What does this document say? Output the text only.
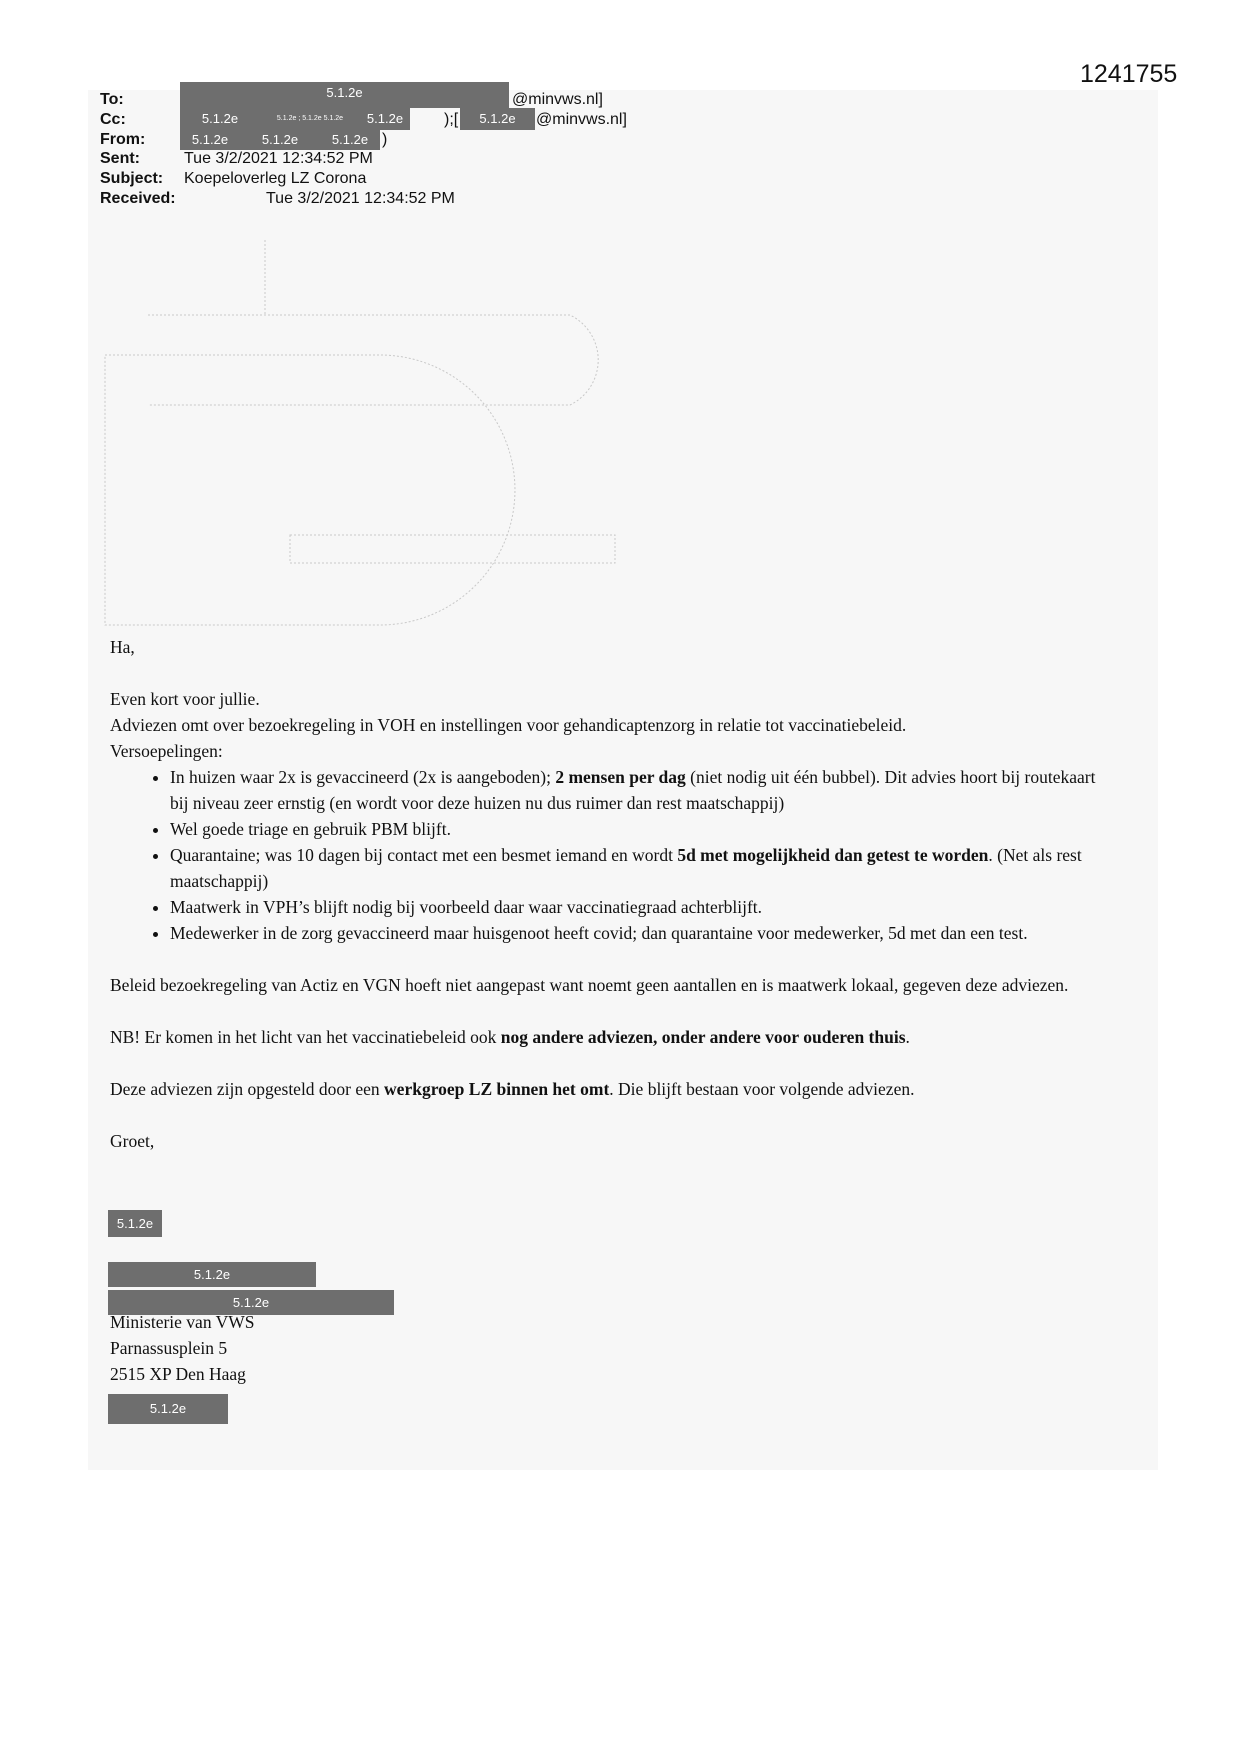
1241755
To:	5.1.2e	@minvws.nl]
Cc:	5.1.2e	5.1.2e ; 5.1.2e 5.1.2e	5.1.2e	);[	5.1.2e	@minvws.nl]
From:	5.1.2e	5.1.2e	5.1.2e )
Sent:	Tue 3/2/2021 12:34:52 PM
Subject: Koepeloverleg LZ Corona
Received:	Tue 3/2/2021 12:34:52 PM

Ha,

Even kort voor jullie.

Adviezen omt over bezoekregeling in VOH en instellingen voor gehandicaptenzorg in relatie tot vaccinatiebeleid.

Versoepelingen:

• In huizen waar 2x is gevaccineerd (2x is aangeboden); 2 mensen per dag (niet nodig uit één bubbel). Dit advies hoort bij routekaart bij niveau zeer ernstig (en wordt voor deze huizen nu dus ruimer dan rest maatschappij)
• Wel goede triage en gebruik PBM blijft.
• Quarantaine; was 10 dagen bij contact met een besmet iemand en wordt 5d met mogelijkheid dan getest te worden. (Net als rest maatschappij)
• Maatwerk in VPH’s blijft nodig bij voorbeeld daar waar vaccinatiegraad achterblijft.
• Medewerker in de zorg gevaccineerd maar huisgenoot heeft covid; dan quarantaine voor medewerker, 5d met dan een test.

Beleid bezoekregeling van Actiz en VGN hoeft niet aangepast want noemt geen aantallen en is maatwerk lokaal, gegeven deze adviezen.

NB! Er komen in het licht van het vaccinatiebeleid ook nog andere adviezen, onder andere voor ouderen thuis.

Deze adviezen zijn opgesteld door een werkgroep LZ binnen het omt. Die blijft bestaan voor volgende adviezen.

Groet,

5.1.2e
5.1.2e
5.1.2e
Ministerie van VWS
Parnassusplein 5
2515 XP Den Haag
5.1.2e
